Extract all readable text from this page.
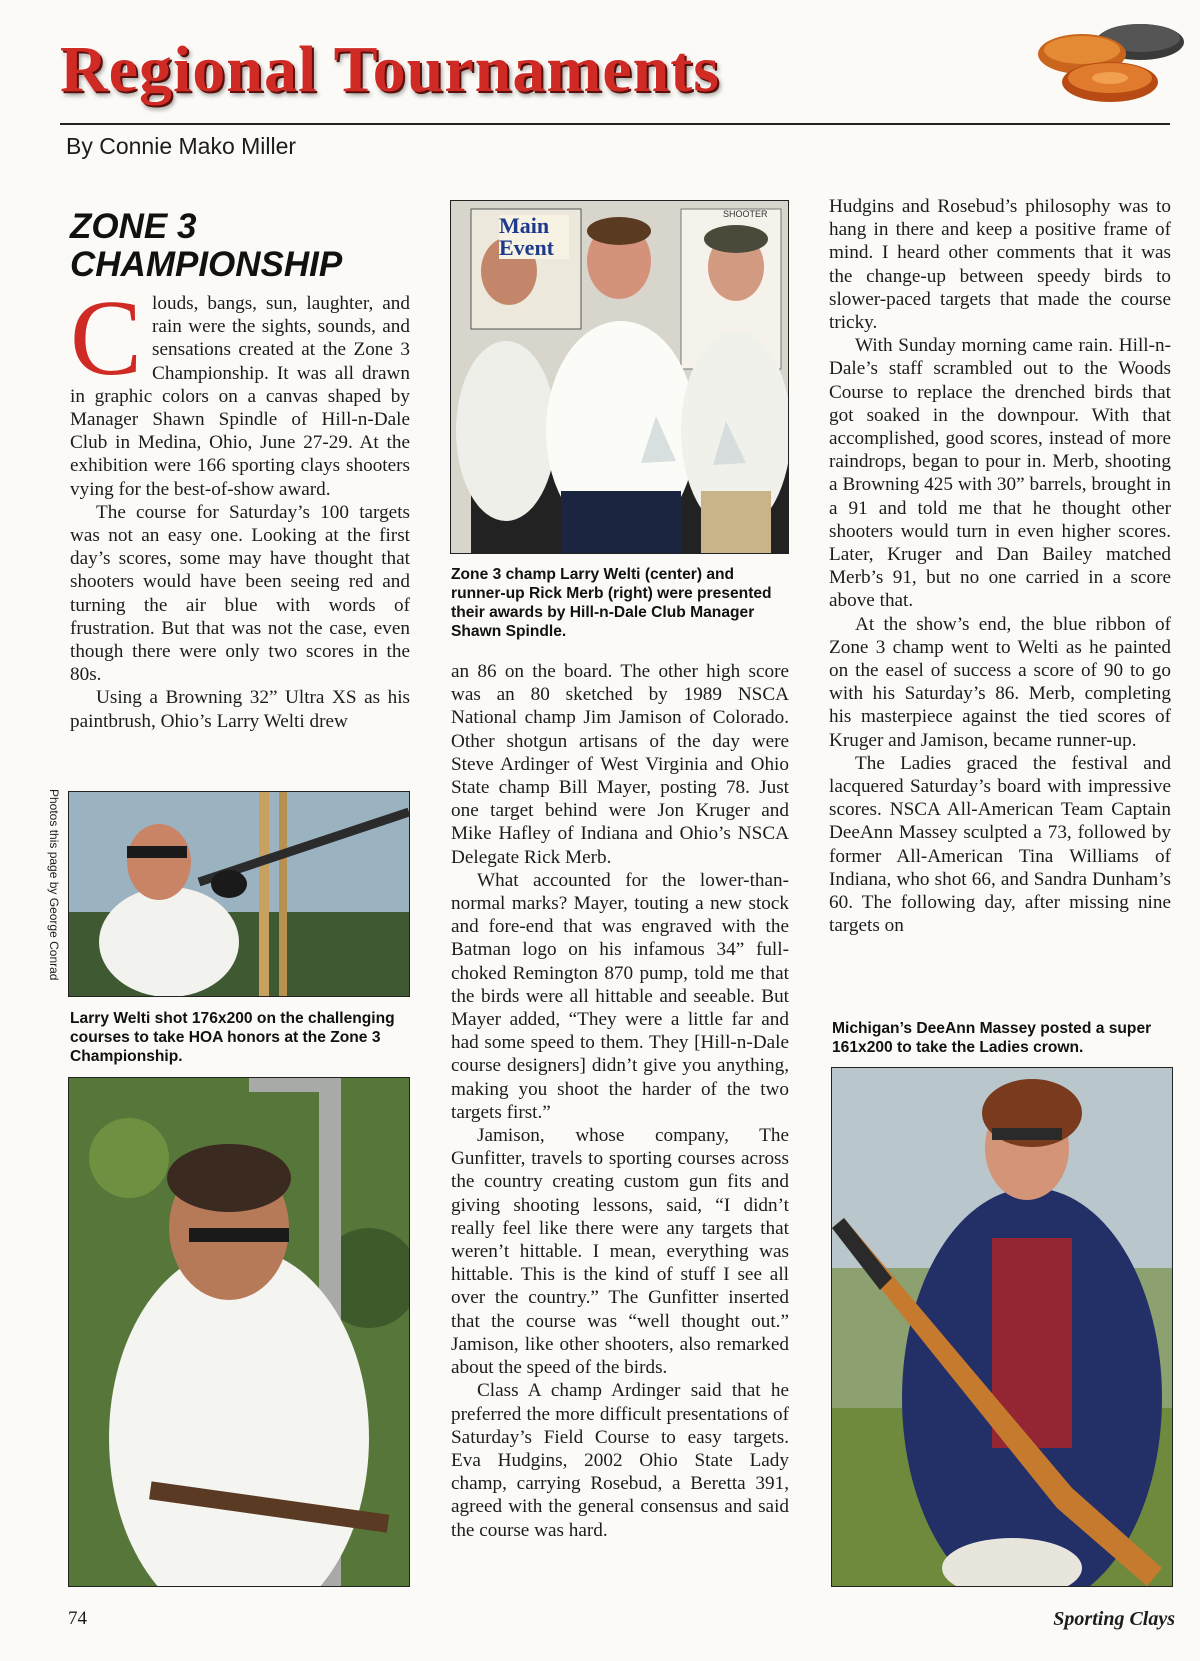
Regional Tournaments
By Connie Mako Miller
ZONE 3 CHAMPIONSHIP

Clouds, bangs, sun, laughter, and rain were the sights, sounds, and sensations created at the Zone 3 Championship. It was all drawn in graphic colors on a canvas shaped by Manager Shawn Spindle of Hill-n-Dale Club in Medina, Ohio, June 27-29. At the exhibition were 166 sporting clays shooters vying for the best-of-show award.

The course for Saturday’s 100 targets was not an easy one. Looking at the first day’s scores, some may have thought that shooters would have been seeing red and turning the air blue with words of frustration. But that was not the case, even though there were only two scores in the 80s.

Using a Browning 32” Ultra XS as his paintbrush, Ohio’s Larry Welti drew

Photos this page by George Conrad
Larry Welti shot 176x200 on the challenging courses to take HOA honors at the Zone 3 Championship.
Main Event
SHOOTER
Zone 3 champ Larry Welti (center) and runner-up Rick Merb (right) were presented their awards by Hill-n-Dale Club Manager Shawn Spindle.

an 86 on the board. The other high score was an 80 sketched by 1989 NSCA National champ Jim Jamison of Colorado. Other shotgun artisans of the day were Steve Ardinger of West Virginia and Ohio State champ Bill Mayer, posting 78. Just one target behind were Jon Kruger and Mike Hafley of Indiana and Ohio’s NSCA Delegate Rick Merb.

What accounted for the lower-than-normal marks? Mayer, touting a new stock and fore-end that was engraved with the Batman logo on his infamous 34” full-choked Remington 870 pump, told me that the birds were all hittable and seeable. But Mayer added, “They were a little far and had some speed to them. They [Hill-n-Dale course designers] didn’t give you anything, making you shoot the harder of the two targets first.”

Jamison, whose company, The Gunfitter, travels to sporting courses across the country creating custom gun fits and giving shooting lessons, said, “I didn’t really feel like there were any targets that weren’t hittable. I mean, everything was hittable. This is the kind of stuff I see all over the country.” The Gunfitter inserted that the course was “well thought out.” Jamison, like other shooters, also remarked about the speed of the birds.

Class A champ Ardinger said that he preferred the more difficult presentations of Saturday’s Field Course to easy targets. Eva Hudgins, 2002 Ohio State Lady champ, carrying Rosebud, a Beretta 391, agreed with the general consensus and said the course was hard.

Hudgins and Rosebud’s philosophy was to hang in there and keep a positive frame of mind. I heard other comments that it was the change-up between speedy birds to slower-paced targets that made the course tricky.

With Sunday morning came rain. Hill-n-Dale’s staff scrambled out to the Woods Course to replace the drenched birds that got soaked in the downpour. With that accomplished, good scores, instead of more raindrops, began to pour in. Merb, shooting a Browning 425 with 30” barrels, brought in a 91 and told me that he thought other shooters would turn in even higher scores. Later, Kruger and Dan Bailey matched Merb’s 91, but no one carried in a score above that.

At the show’s end, the blue ribbon of Zone 3 champ went to Welti as he painted on the easel of success a score of 90 to go with his Saturday’s 86. Merb, completing his masterpiece against the tied scores of Kruger and Jamison, became runner-up.

The Ladies graced the festival and lacquered Saturday’s board with impressive scores. NSCA All-American Team Captain DeeAnn Massey sculpted a 73, followed by former All-American Tina Williams of Indiana, who shot 66, and Sandra Dunham’s 60. The following day, after missing nine targets on

Michigan’s DeeAnn Massey posted a super 161x200 to take the Ladies crown.
74	Sporting Clays
